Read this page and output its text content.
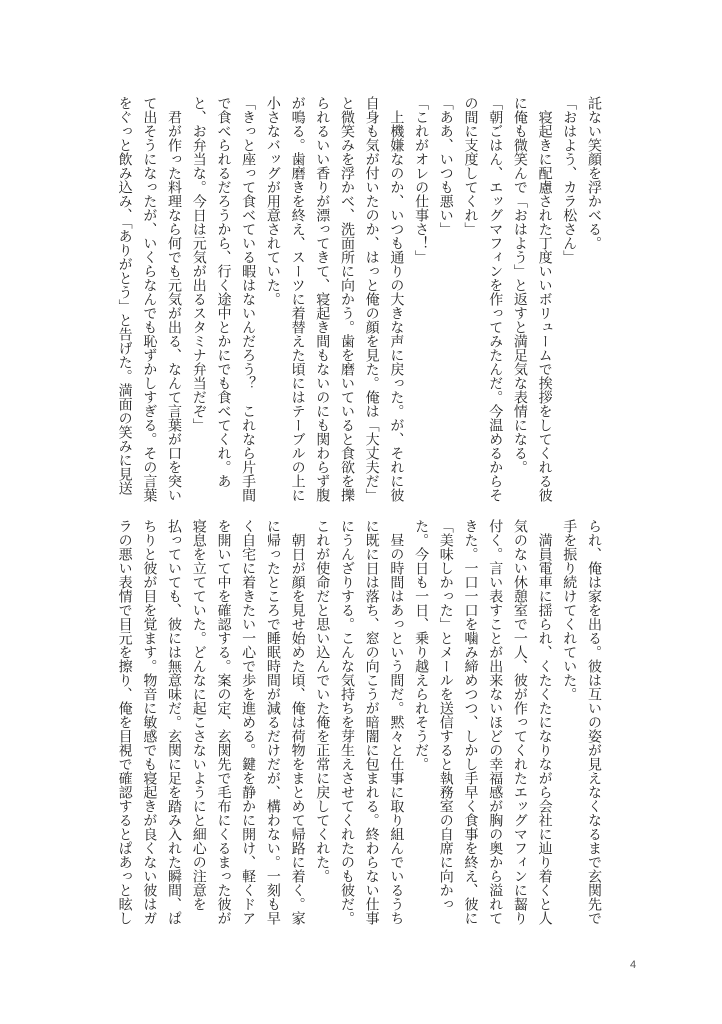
託ない笑顔を浮かべる。
「おはよう、カラ松さん」
　寝起きに配慮された丁度いいボリュームで挨拶をしてくれる彼
に俺も微笑んで「おはよう」と返すと満足気な表情になる。
「朝ごはん、エッグマフィンを作ってみたんだ。今温めるからそ
の間に支度してくれ」
「ああ、いつも悪い」
「これがオレの仕事さ！」
　上機嫌なのか、いつも通りの大きな声に戻った。が、それに彼
自身も気が付いたのか、はっと俺の顔を見た。俺は「大丈夫だ」
と微笑みを浮かべ、洗面所に向かう。歯を磨いていると食欲を擽
られるいい香りが漂ってきて、寝起き間もないのにも関わらず腹
が鳴る。歯磨きを終え、スーツに着替えた頃にはテーブルの上に
小さなバッグが用意されていた。
「きっと座って食べている暇はないんだろう？　これなら片手間
で食べられるだろうから、行く途中とかにでも食べてくれ。あ
と、お弁当な。今日は元気が出るスタミナ弁当だぞ」
　君が作った料理なら何でも元気が出る、なんて言葉が口を突い
て出そうになったが、いくらなんでも恥ずかしすぎる。その言葉
をぐっと飲み込み、「ありがとう」と告げた。満面の笑みに見送
られ、俺は家を出る。彼は互いの姿が見えなくなるまで玄関先で
手を振り続けてくれていた。
　満員電車に揺られ、くたくたになりながら会社に辿り着くと人
気のない休憩室で一人、彼が作ってくれたエッグマフィンに齧り
付く。言い表すことが出来ないほどの幸福感が胸の奥から溢れて
きた。一口一口を噛み締めつつ、しかし手早く食事を終え、彼に
「美味しかった」とメールを送信すると執務室の自席に向かっ
た。今日も一日、乗り越えられそうだ。
　昼の時間はあっという間だ。黙々と仕事に取り組んでいるうち
に既に日は落ち、窓の向こうが暗闇に包まれる。終わらない仕事
にうんざりする。こんな気持ちを芽生えさせてくれたのも彼だ。
これが使命だと思い込んでいた俺を正常に戻してくれた。
　朝日が顔を見せ始めた頃、俺は荷物をまとめて帰路に着く。家
に帰ったところで睡眠時間が減るだけだが、構わない。一刻も早
く自宅に着きたい一心で歩を進める。鍵を静かに開け、軽くドア
を開いて中を確認する。案の定、玄関先で毛布にくるまった彼が
寝息を立てていた。どんなに起こさないようにと細心の注意を
払っていても、彼には無意味だ。玄関に足を踏み入れた瞬間、ぱ
ちりと彼が目を覚ます。物音に敏感でも寝起きが良くない彼はガ
ラの悪い表情で目元を擦り、俺を目視で確認するとぱあっと眩し
4
